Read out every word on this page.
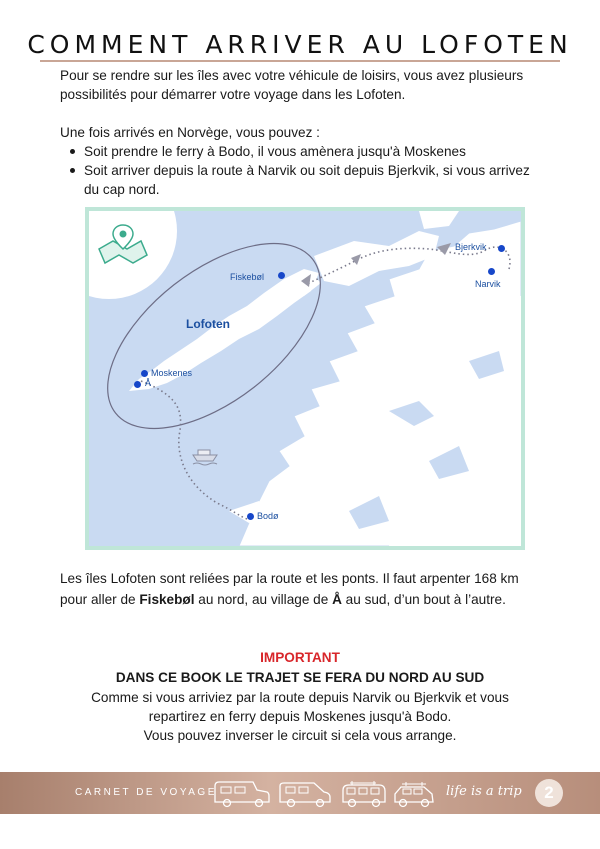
COMMENT ARRIVER AU LOFOTEN

Pour se rendre sur les îles avec votre véhicule de loisirs, vous avez plusieurs possibilités pour démarrer votre voyage dans les Lofoten.

Une fois arrivés en Norvège, vous pouvez :

Soit prendre le ferry à Bodo, il vous amènera jusqu'à Moskenes
Soit arriver depuis la route à Narvik ou soit depuis Bjerkvik, si vous arrivez du cap nord.
Lofoten
Fiskebøl
Moskenes
Å
Bodø
Bjerkvik
Narvik
Les îles Lofoten sont reliées par la route et les ponts. Il faut arpenter 168 km pour aller de Fiskebøl au nord, au village de Å au sud, d’un bout à l’autre.
IMPORTANT
DANS CE BOOK LE TRAJET SE FERA DU NORD AU SUD

Comme si vous arriviez par la route depuis Narvik ou Bjerkvik et vous

repartirez en ferry depuis Moskenes jusqu'à Bodo.

Vous pouvez inverser le circuit si cela vous arrange.

CARNET DE VOYAGE	life is a trip	2
